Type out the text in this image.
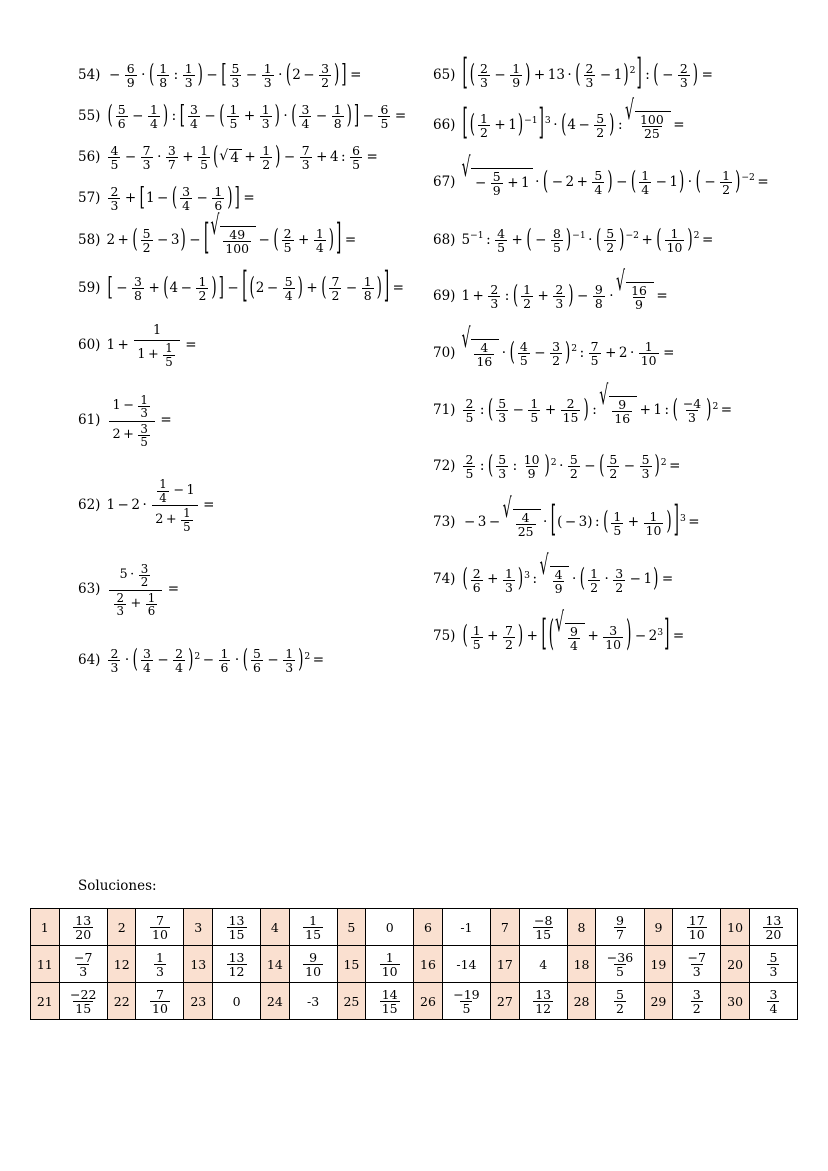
$54) - \frac{6}{9}$ · ( $\frac{1}{8}$ : $\frac{1}{3}$ ) − [ $\frac{5}{3} - \frac{1}{3}$ · ( $2 - \frac{3}{2}$ ) ] =
55) ( $\frac{5}{6} - \frac{1}{4}$ ) : [ $\frac{3}{4}$ − ( $\frac{1}{5} + \frac{1}{3}$ ) · ( $\frac{3}{4} - \frac{1}{8}$ ) ] − $\frac{6}{5}$ =
$56) \frac{4}{5} - \frac{7}{3} \cdot \frac{3}{7} + \frac{1}{5}$ ( √ $4 + \frac{1}{2}$ ) − $\frac{7}{3} + 4$ : $\frac{6}{5}$ =
$57) \frac{2}{3}$ + [ 1 − ( $\frac{3}{4} - \frac{1}{6}$ ) ] =
58) 2 + ( $\frac{5}{2} - 3$ ) − [ √
$\frac{49}{100}$ − ( $\frac{2}{5} + \frac{1}{4}$ ) ] =
59) [ − $\frac{3}{8}$ + ( $4 - \frac{1}{2}$ ) ] − [ ( $2 - \frac{5}{4}$ ) + ( $\frac{7}{2} - \frac{1}{8}$ ) ] =
60) $1 + \frac{1}{1 + \frac{1}{5}}$ =
$61) \frac{1 - \frac{1}{3}}{2 + \frac{3}{5}}$ =
62) $1 - 2 \cdot \frac{\frac{1}{4} - 1}{2 + \frac{1}{5}}$ =
$63) \frac{5 \cdot \frac{3}{2}}{\frac{2}{3} + \frac{1}{6}}$ =
$64) \frac{2}{3}$ · ( $\frac{3}{4} - \frac{2}{4}$ ) $2 - \frac{1}{6}$ · ( $\frac{5}{6} - \frac{1}{3}$ ) 2 =
65) [ ( $\frac{2}{3} - \frac{1}{9}$ ) + 13 · ( $\frac{2}{3} - 1$ ) 2 ] : ( − $\frac{2}{3}$ ) =
66) [ ( $\frac{1}{2} + 1$ ) −1 ] 3 · ( $4 - \frac{5}{2}$ ) : √
$\frac{100}{25}$ =
67) √ − $\frac{5}{9} + 1$ · ( − $2 + \frac{5}{4}$ ) − ( $\frac{1}{4} - 1$ ) · ( − $\frac{1}{2}$ ) −2 =
68) 5 −1 : $\frac{4}{5}$ + ( − $\frac{8}{5}$ ) −1 · ( $\frac{5}{2}$ ) −2 + ( $\frac{1}{10}$ ) 2 =
69) $1 + \frac{2}{3}$ : ( $\frac{1}{2} + \frac{2}{3}$ ) − $\frac{9}{8}$ · √
$\frac{16}{9}$ =
70) √
$\frac{4}{16}$ · ( $\frac{4}{5} - \frac{3}{2}$ ) 2 : $\frac{7}{5} + 2 \cdot \frac{1}{10}$ =
$71) \frac{2}{5}$ : ( $\frac{5}{3} - \frac{1}{5} + \frac{2}{15}$ ) : √
$\frac{9}{16} + 1$ : ( $\frac{-4}{3}$ ) 2 =
$72) \frac{2}{5}$ : ( $\frac{5}{3}$ : $\frac{10}{9}$ ) $2 \cdot \frac{5}{2}$ − ( $\frac{5}{2} - \frac{5}{3}$ ) 2 =
73) − 3 − √
$\frac{4}{25}$ · [ ( − 3) : ( $\frac{1}{5} + \frac{1}{10}$ ) ] 3 =
74) ( $\frac{2}{6} + \frac{1}{3}$ ) 3 : √
$\frac{4}{9}$ · ( $\frac{1}{2} \cdot \frac{3}{2} - 1$ ) =
75) ( $\frac{1}{5} + \frac{7}{2}$ ) + [ ( √
$\frac{9}{4} + \frac{3}{10}$ ) − 2 3 ] =
Soluciones:
1	$\frac{13}{20}$	2	$\frac{7}{10}$	3	$\frac{13}{15}$	4	$\frac{1}{15}$	5	0	6	-1	7	$\frac{-8}{15}$	8	$\frac{9}{7}$	9	$\frac{17}{10}$	10	$\frac{13}{20}$

11	$\frac{-7}{3}$	12	$\frac{1}{3}$	13	$\frac{13}{12}$	14	$\frac{9}{10}$	15	$\frac{1}{10}$	16	-14	17	4	18	$\frac{-36}{5}$	19	$\frac{-7}{3}$	20	$\frac{5}{3}$

21	$\frac{-22}{15}$	22	$\frac{7}{10}$	23	0	24	-3	25	$\frac{14}{15}$	26	$\frac{-19}{5}$	27	$\frac{13}{12}$	28	$\frac{5}{2}$	29	$\frac{3}{2}$	30	$\frac{3}{4}$
